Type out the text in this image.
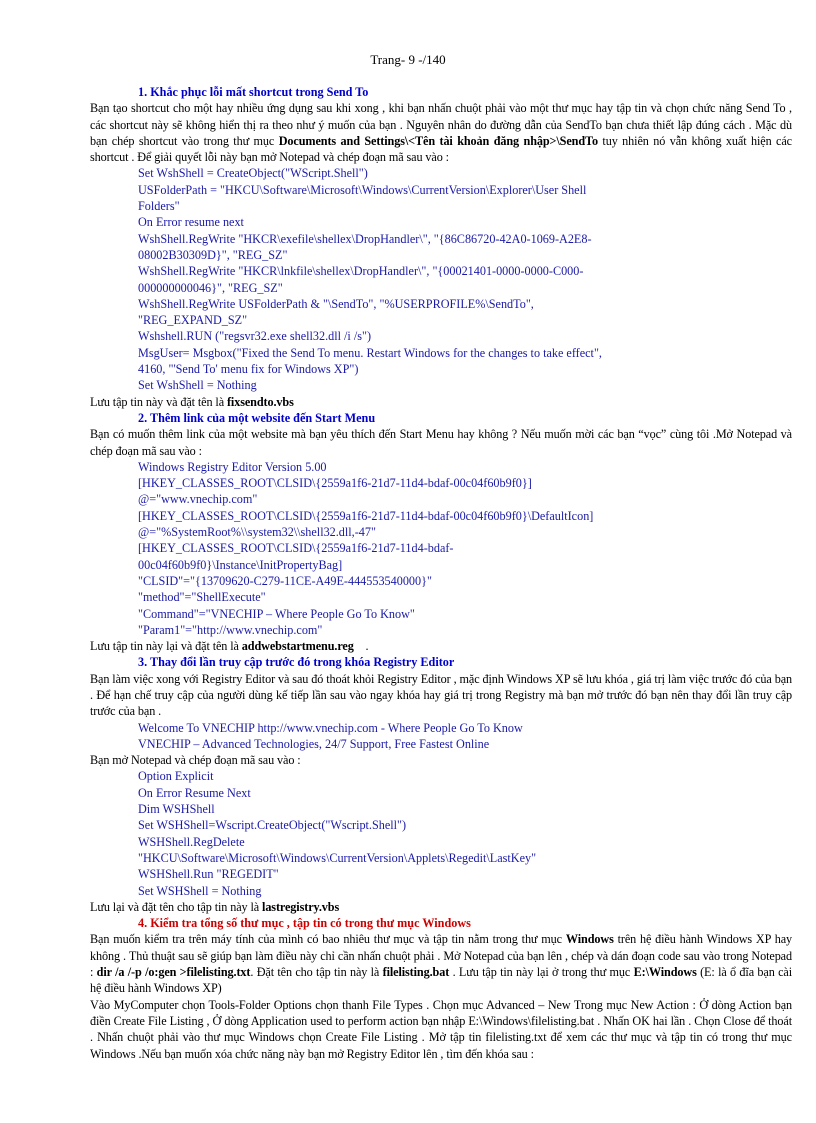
Trang- 9 -/140

1. Khắc phục lỗi mất shortcut trong Send To

Bạn tạo shortcut cho một hay nhiều ứng dụng sau khi xong , khi bạn nhấn chuột phải vào một thư mục hay tập tin và chọn chức năng Send To , các shortcut này sẽ không hiển thị ra theo như ý muốn của bạn . Nguyên nhân do đường dẫn của SendTo bạn chưa thiết lập đúng cách . Mặc dù bạn chép shortcut vào trong thư mục Documents and Settings\<Tên tài khoản đăng nhập>\SendTo tuy nhiên nó vẫn không xuất hiện các shortcut . Để giải quyết lỗi này bạn mở Notepad và chép đoạn mã sau vào :

Set WshShell = CreateObject("WScript.Shell")
USFolderPath = "HKCU\Software\Microsoft\Windows\CurrentVersion\Explorer\User Shell
Folders"
On Error resume next
WshShell.RegWrite "HKCR\exefile\shellex\DropHandler\", "{86C86720-42A0-1069-A2E8-
08002B30309D}", "REG_SZ"
WshShell.RegWrite "HKCR\lnkfile\shellex\DropHandler\", "{00021401-0000-0000-C000-
000000000046}", "REG_SZ"
WshShell.RegWrite USFolderPath & "\SendTo", "%USERPROFILE%\SendTo",
"REG_EXPAND_SZ"
Wshshell.RUN ("regsvr32.exe shell32.dll /i /s")
MsgUser= Msgbox("Fixed the Send To menu. Restart Windows for the changes to take effect",
4160, "'Send To' menu fix for Windows XP")
Set WshShell = Nothing

Lưu tập tin này và đặt tên là fixsendto.vbs

2. Thêm link của một website đến Start Menu

Bạn có muốn thêm link của một website mà bạn yêu thích đến Start Menu hay không ? Nếu muốn mời các bạn “vọc” cùng tôi .Mở Notepad và chép đoạn mã sau vào :

Windows Registry Editor Version 5.00
[HKEY_CLASSES_ROOT\CLSID\{2559a1f6-21d7-11d4-bdaf-00c04f60b9f0}]
@="www.vnechip.com"
[HKEY_CLASSES_ROOT\CLSID\{2559a1f6-21d7-11d4-bdaf-00c04f60b9f0}\DefaultIcon]
@="%SystemRoot%\\system32\\shell32.dll,-47"
[HKEY_CLASSES_ROOT\CLSID\{2559a1f6-21d7-11d4-bdaf-
00c04f60b9f0}\Instance\InitPropertyBag]
"CLSID"="{13709620-C279-11CE-A49E-444553540000}"
"method"="ShellExecute"
"Command"="VNECHIP – Where People Go To Know"
"Param1"="http://www.vnechip.com"

Lưu tập tin này lại và đặt tên là addwebstartmenu.reg    .

3. Thay đổi lần truy cập trước đó trong khóa Registry Editor

Bạn làm việc xong với Registry Editor và sau đó thoát khỏi Registry Editor , mặc định Windows XP sẽ lưu khóa , giá trị làm việc trước đó của bạn . Để hạn chế truy cập của người dùng kế tiếp lần sau vào ngay khóa hay giá trị trong Registry mà bạn mở trước đó bạn nên thay đổi lần truy cập trước của bạn .

Welcome To VNECHIP http://www.vnechip.com - Where People Go To Know
VNECHIP – Advanced Technologies, 24/7 Support, Free Fastest Online

Bạn mở Notepad và chép đoạn mã sau vào :

Option Explicit
On Error Resume Next
Dim WSHShell
Set WSHShell=Wscript.CreateObject("Wscript.Shell")
WSHShell.RegDelete
"HKCU\Software\Microsoft\Windows\CurrentVersion\Applets\Regedit\LastKey"
WSHShell.Run "REGEDIT"
Set WSHShell = Nothing

Lưu lại và đặt tên cho tập tin này là lastregistry.vbs

4. Kiểm tra tổng số thư mục , tập tin có trong thư mục Windows

Bạn muốn kiểm tra trên máy tính của mình có bao nhiêu thư mục và tập tin nằm trong thư mục Windows trên hệ điều hành Windows XP hay không . Thủ thuật sau sẽ giúp bạn làm điều này chỉ cần nhấn chuột phải . Mở Notepad của bạn lên , chép và dán đoạn code sau vào trong Notepad : dir /a /-p /o:gen >filelisting.txt. Đặt tên cho tập tin này là filelisting.bat . Lưu tập tin này lại ở trong thư mục E:\Windows (E: là ổ đĩa bạn cài hệ điều hành Windows XP)

Vào MyComputer chọn Tools-Folder Options chọn thanh File Types . Chọn mục Advanced – New Trong mục New Action : Ở dòng Action bạn điền Create File Listing , Ở dòng Application used to perform action bạn nhập E:\Windows\filelisting.bat . Nhấn OK hai lần . Chọn Close để thoát . Nhấn chuột phải vào thư mục Windows chọn Create File Listing . Mở tập tin filelisting.txt để xem các thư mục và tập tin có trong thư mục Windows .Nếu bạn muốn xóa chức năng này bạn mở Registry Editor lên , tìm đến khóa sau :
